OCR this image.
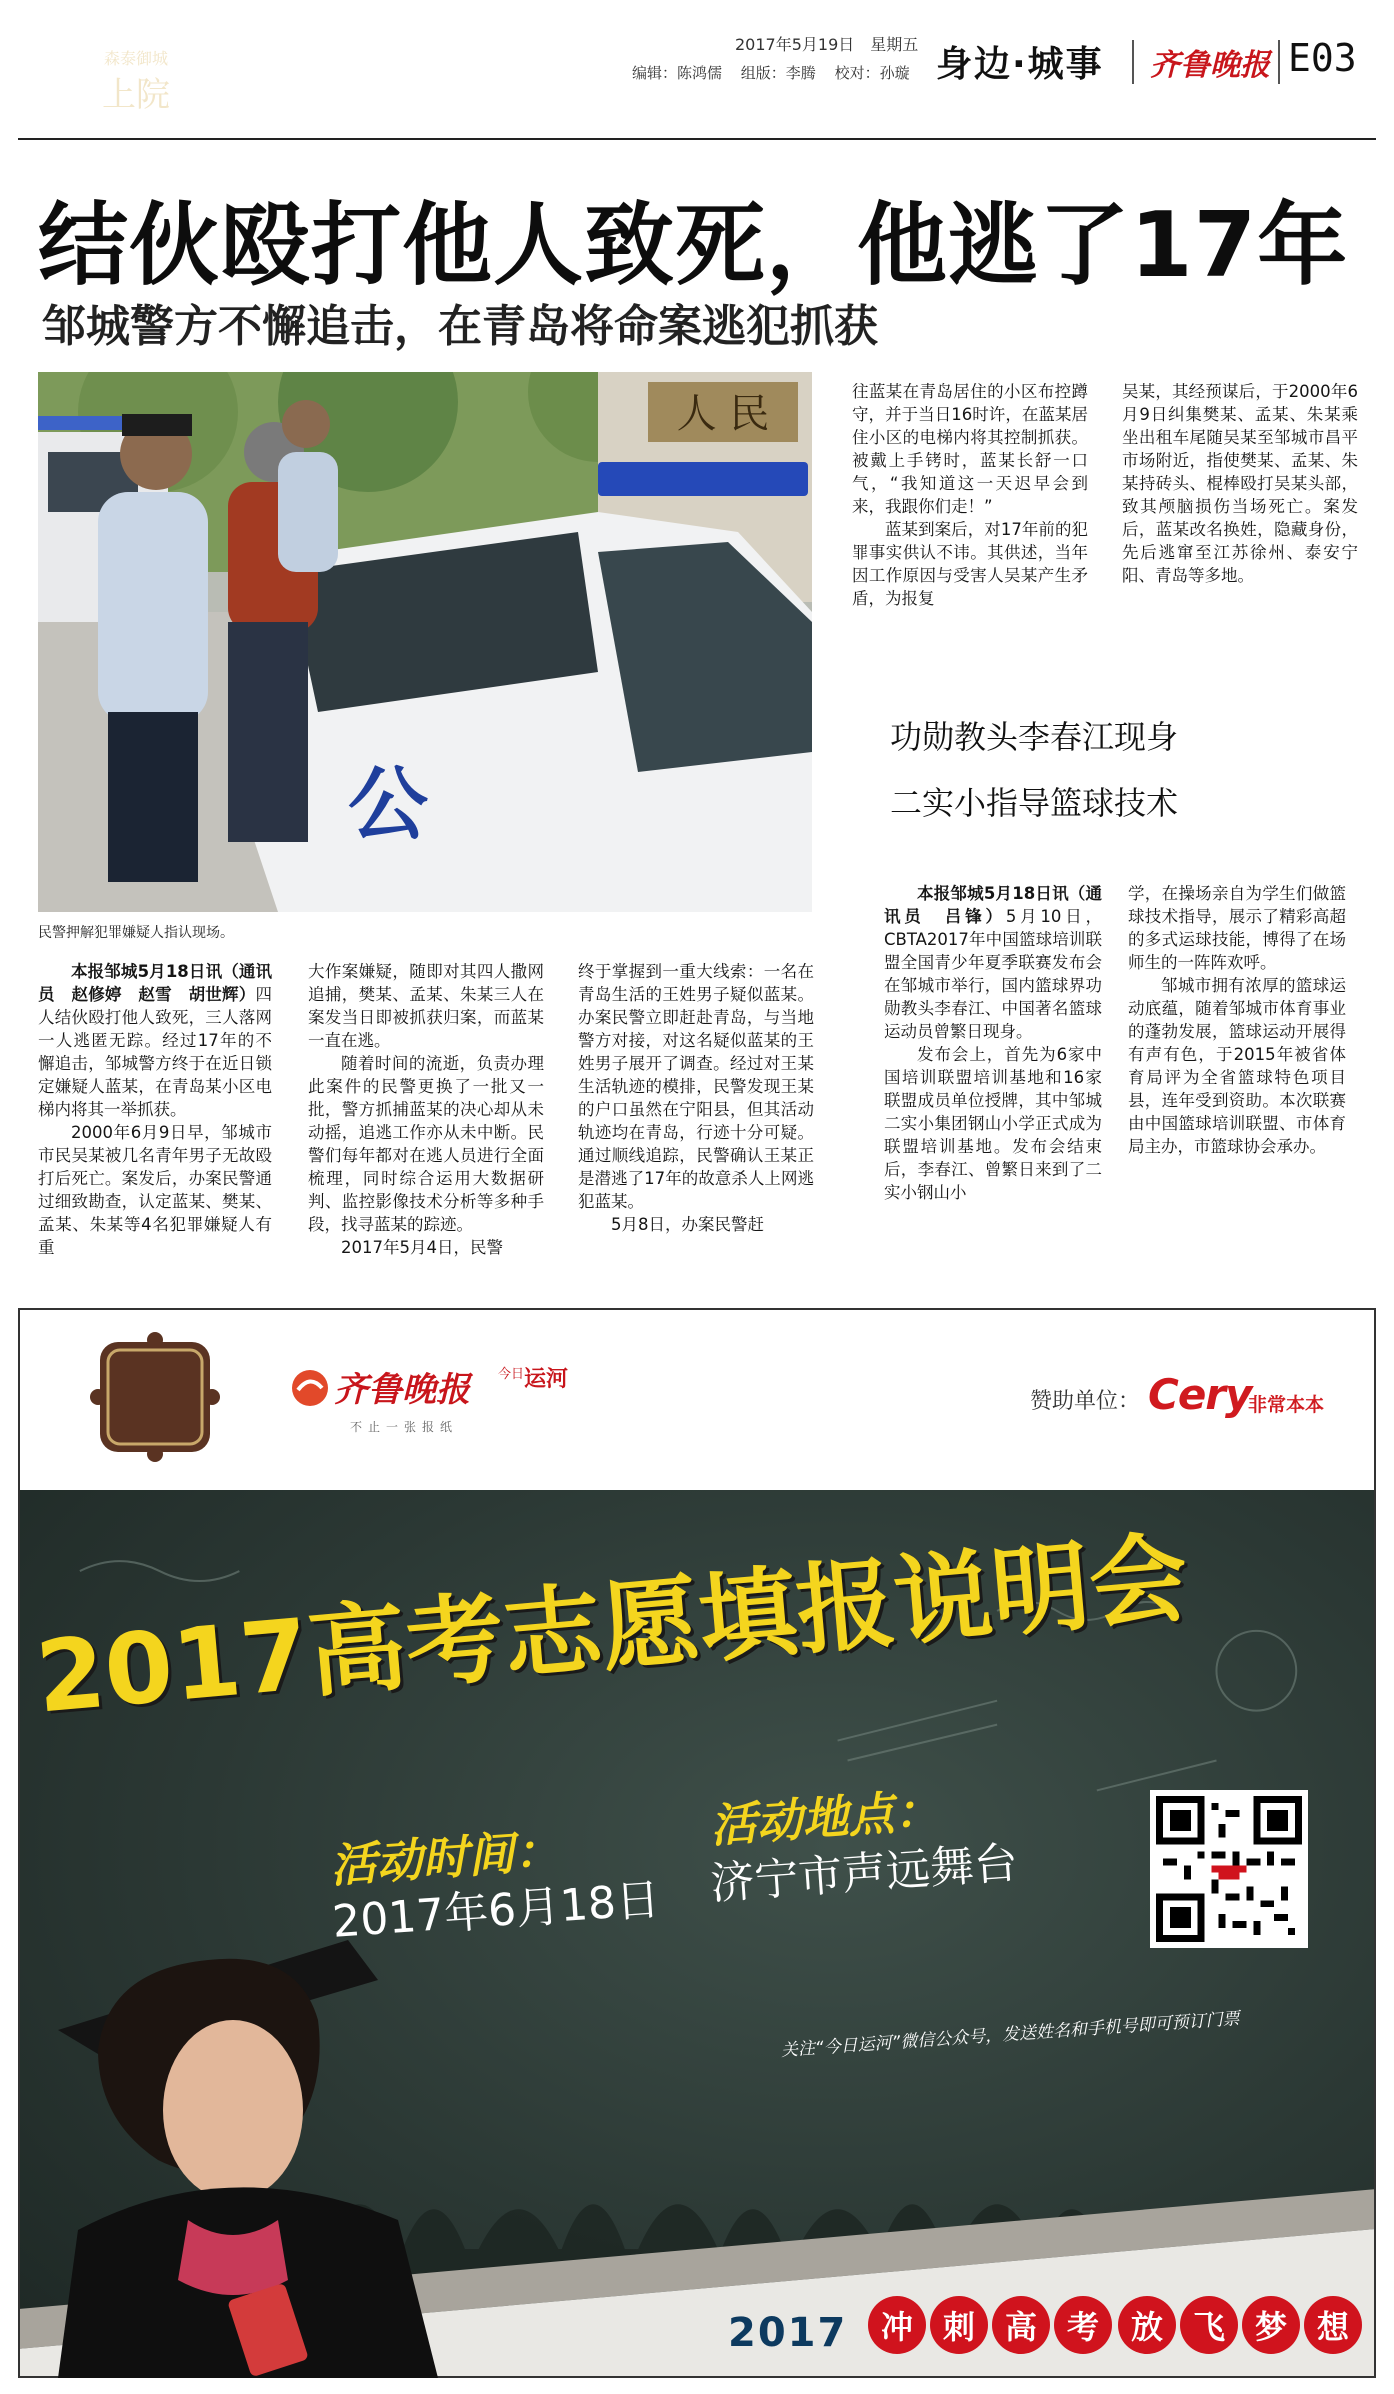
2017年5月19日　 星期五
编辑：陈鸿儒 组版：李腾 校对：孙璇 身边·城事 齐鲁晚报 E03
结伙殴打他人致死，他逃了17年
邹城警方不懈追击，在青岛将命案逃犯抓获
人 民
公
民警押解犯罪嫌疑人指认现场。

本报邹城5月18日讯（通讯员　赵修婷　赵雪　胡世辉）四人结伙殴打他人致死，三人落网一人逃匿无踪。经过17年的不懈追击，邹城警方终于在近日锁定嫌疑人蓝某，在青岛某小区电梯内将其一举抓获。

2000年6月9日早，邹城市市民吴某被几名青年男子无故殴打后死亡。案发后，办案民警通过细致勘查，认定蓝某、樊某、孟某、朱某等4名犯罪嫌疑人有重

大作案嫌疑，随即对其四人撒网追捕，樊某、孟某、朱某三人在案发当日即被抓获归案，而蓝某一直在逃。

随着时间的流逝，负责办理此案件的民警更换了一批又一批，警方抓捕蓝某的决心却从未动摇，追逃工作亦从未中断。民警们每年都对在逃人员进行全面梳理，同时综合运用大数据研判、监控影像技术分析等多种手段，找寻蓝某的踪迹。

2017年5月4日，民警

终于掌握到一重大线索：一名在青岛生活的王姓男子疑似蓝某。办案民警立即赶赴青岛，与当地警方对接，对这名疑似蓝某的王姓男子展开了调查。经过对王某生活轨迹的模排，民警发现王某的户口虽然在宁阳县，但其活动轨迹均在青岛，行迹十分可疑。通过顺线追踪，民警确认王某正是潜逃了17年的故意杀人上网逃犯蓝某。

5月8日，办案民警赶

往蓝某在青岛居住的小区布控蹲守，并于当日16时许，在蓝某居住小区的电梯内将其控制抓获。被戴上手铐时，蓝某长舒一口气，“我知道这一天迟早会到来，我跟你们走！”

蓝某到案后，对17年前的犯罪事实供认不讳。其供述，当年因工作原因与受害人吴某产生矛盾，为报复

吴某，其经预谋后，于2000年6月9日纠集樊某、孟某、朱某乘坐出租车尾随吴某至邹城市昌平市场附近，指使樊某、孟某、朱某持砖头、棍棒殴打吴某头部，致其颅脑损伤当场死亡。案发后，蓝某改名换姓，隐藏身份，先后逃窜至江苏徐州、泰安宁阳、青岛等多地。

功勋教头李春江现身
二实小指导篮球技术

本报邹城5月18日讯（通讯员　吕锋）5月10日，CBTA2017年中国篮球培训联盟全国青少年夏季联赛发布会在邹城市举行，国内篮球界功勋教头李春江、中国著名篮球运动员曾繁日现身。

发布会上，首先为6家中国培训联盟培训基地和16家联盟成员单位授牌，其中邹城二实小集团钢山小学正式成为联盟培训基地。发布会结束后，李春江、曾繁日来到了二实小钢山小

学，在操场亲自为学生们做篮球技术指导，展示了精彩高超的多式运球技能，博得了在场师生的一阵阵欢呼。

邹城市拥有浓厚的篮球运动底蕴，随着邹城市体育事业的蓬勃发展，篮球运动开展得有声有色，于2015年被省体育局评为全省篮球特色项目县，连年受到资助。本次联赛由中国篮球培训联盟、市体育局主办，市篮球协会承办。

森泰御城
上院
齐鲁晚报 今日 运河
不止一张报纸
赞助单位： Cery
非常本本
2017高考志愿填报说明会
活动时间：
2017年6月18日
活动地点：
济宁市声远舞台
关注“今日运河”微信公众号，发送姓名和手机号即可预订门票
2017	冲 刺 高 考 放 飞 梦 想
